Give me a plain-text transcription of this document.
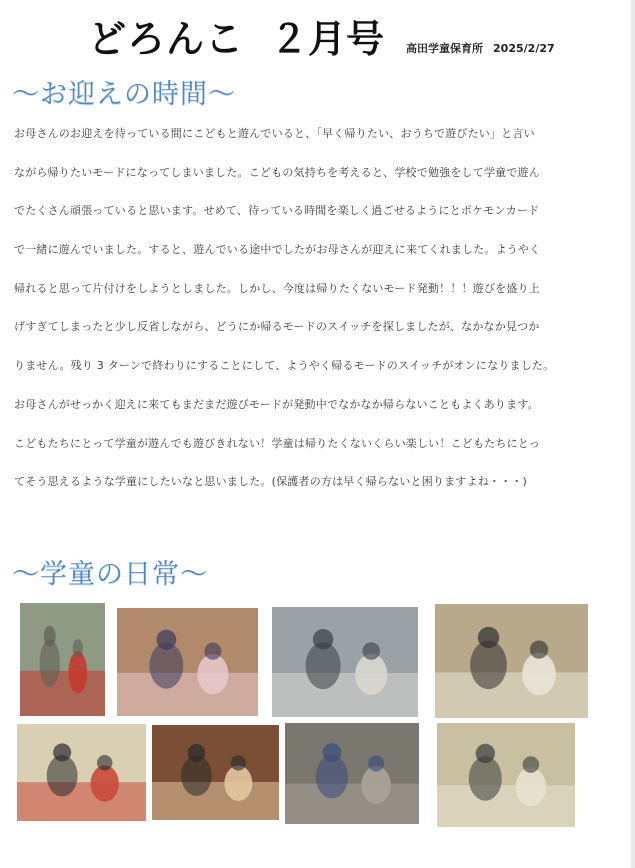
どろんこ ２月号 高田学童保育所 2025/2/27
～お迎えの時間～
お母さんのお迎えを待っている間にこどもと遊んでいると、「早く帰りたい、おうちで遊びたい」と言い
ながら帰りたいモードになってしまいました。こどもの気持ちを考えると、学校で勉強をして学童で遊ん
でたくさん頑張っていると思います。せめて、待っている時間を楽しく過ごせるようにとポケモンカード
で一緒に遊んでいました。すると、遊んでいる途中でしたがお母さんが迎えに来てくれました。ようやく
帰れると思って片付けをしようとしました。しかし、今度は帰りたくないモード発動！！！遊びを盛り上
げすぎてしまったと少し反省しながら、どうにか帰るモードのスイッチを探しましたが、なかなか見つか
りません。残り 3 ターンで終わりにすることにして、ようやく帰るモードのスイッチがオンになりました。
お母さんがせっかく迎えに来てもまだまだ遊びモードが発動中でなかなか帰らないこともよくあります。
こどもたちにとって学童が遊んでも遊びきれない！学童は帰りたくないくらい楽しい！こどもたちにとっ
てそう思えるような学童にしたいなと思いました。(保護者の方は早く帰らないと困りますよね・・・)
～学童の日常～
